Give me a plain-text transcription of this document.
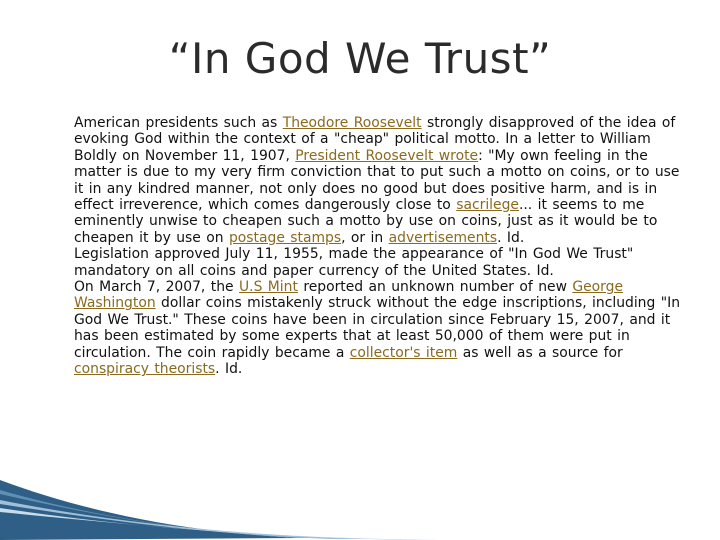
“In God We Trust”
American presidents such as Theodore Roosevelt strongly disapproved of the idea of evoking God within the context of a "cheap" political motto. In a letter to William Boldly on November 11, 1907, President Roosevelt wrote: "My own feeling in the matter is due to my very firm conviction that to put such a motto on coins, or to use it in any kindred manner, not only does no good but does positive harm, and is in effect irreverence, which comes dangerously close to sacrilege... it seems to me eminently unwise to cheapen such a motto by use on coins, just as it would be to cheapen it by use on postage stamps, or in advertisements. Id.
Legislation approved July 11, 1955, made the appearance of "In God We Trust" mandatory on all coins and paper currency of the United States. Id.
On March 7, 2007, the U.S Mint reported an unknown number of new George Washington dollar coins mistakenly struck without the edge inscriptions, including "In God We Trust." These coins have been in circulation since February 15, 2007, and it has been estimated by some experts that at least 50,000 of them were put in circulation. The coin rapidly became a collector's item as well as a source for conspiracy theorists. Id.
